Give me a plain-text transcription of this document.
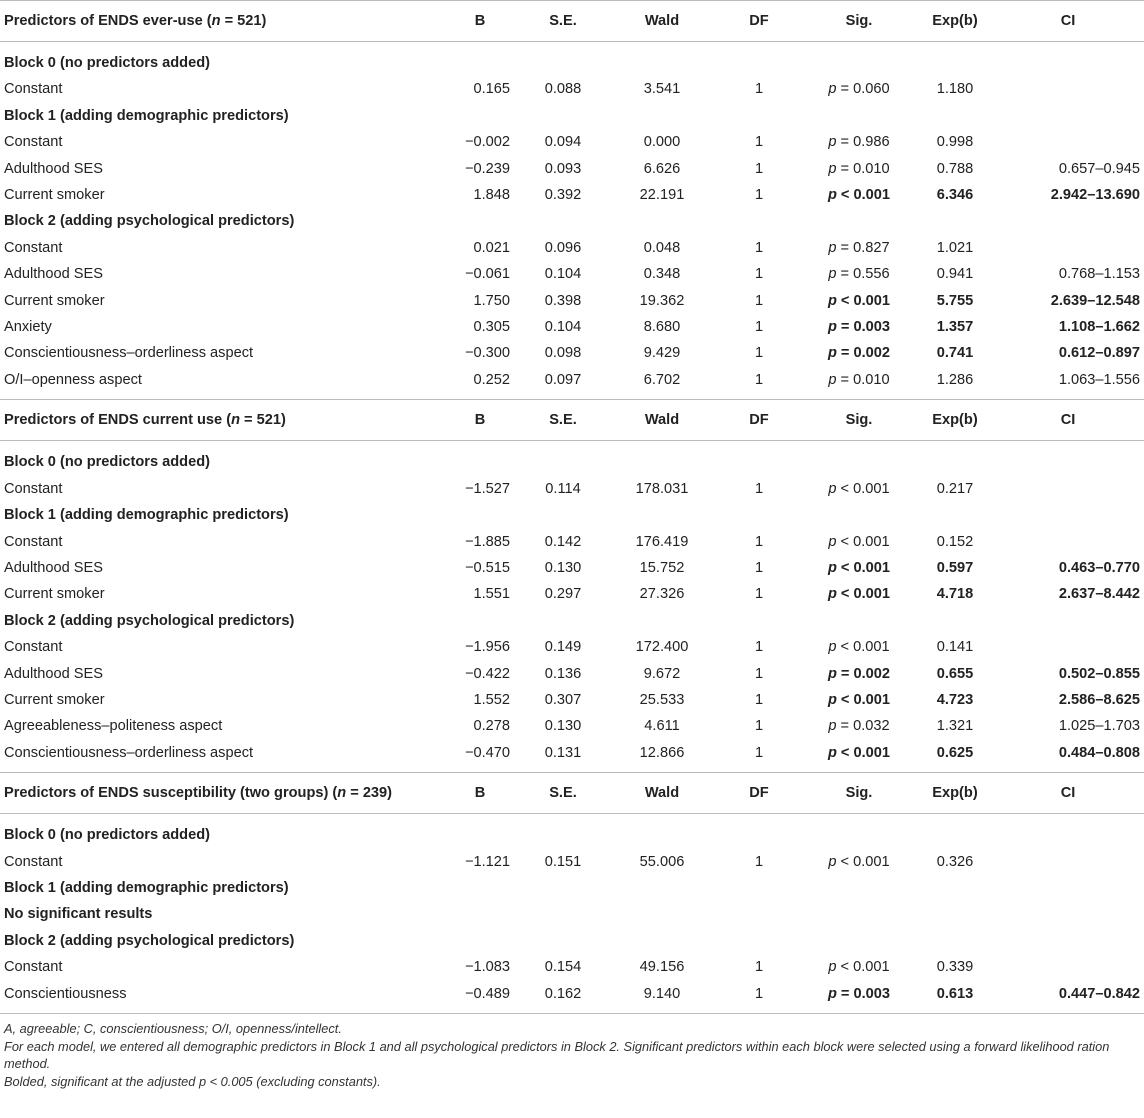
Predictors of ENDS ever-use (n = 521)	B	S.E.	Wald	DF	Sig.	Exp(b)	CI

Block 0 (no predictors added)							
Constant	0.165	0.088	3.541	1	p = 0.060	1.180	
Block 1 (adding demographic predictors)							
Constant	−0.002	0.094	0.000	1	p = 0.986	0.998	
Adulthood SES	−0.239	0.093	6.626	1	p = 0.010	0.788	0.657–0.945
Current smoker	1.848	0.392	22.191	1	p < 0.001	6.346	2.942–13.690
Block 2 (adding psychological predictors)							
Constant	0.021	0.096	0.048	1	p = 0.827	1.021	
Adulthood SES	−0.061	0.104	0.348	1	p = 0.556	0.941	0.768–1.153
Current smoker	1.750	0.398	19.362	1	p < 0.001	5.755	2.639–12.548
Anxiety	0.305	0.104	8.680	1	p = 0.003	1.357	1.108–1.662
Conscientiousness–orderliness aspect	−0.300	0.098	9.429	1	p = 0.002	0.741	0.612–0.897
O/I–openness aspect	0.252	0.097	6.702	1	p = 0.010	1.286	1.063–1.556
Predictors of ENDS current use (n = 521)	B	S.E.	Wald	DF	Sig.	Exp(b)	CI

Block 0 (no predictors added)							
Constant	−1.527	0.114	178.031	1	p < 0.001	0.217	
Block 1 (adding demographic predictors)							
Constant	−1.885	0.142	176.419	1	p < 0.001	0.152	
Adulthood SES	−0.515	0.130	15.752	1	p < 0.001	0.597	0.463–0.770
Current smoker	1.551	0.297	27.326	1	p < 0.001	4.718	2.637–8.442
Block 2 (adding psychological predictors)							
Constant	−1.956	0.149	172.400	1	p < 0.001	0.141	
Adulthood SES	−0.422	0.136	9.672	1	p = 0.002	0.655	0.502–0.855
Current smoker	1.552	0.307	25.533	1	p < 0.001	4.723	2.586–8.625
Agreeableness–politeness aspect	0.278	0.130	4.611	1	p = 0.032	1.321	1.025–1.703
Conscientiousness–orderliness aspect	−0.470	0.131	12.866	1	p < 0.001	0.625	0.484–0.808
Predictors of ENDS susceptibility (two groups) (n = 239)	B	S.E.	Wald	DF	Sig.	Exp(b)	CI

Block 0 (no predictors added)							
Constant	−1.121	0.151	55.006	1	p < 0.001	0.326	
Block 1 (adding demographic predictors)							
No significant results							
Block 2 (adding psychological predictors)							
Constant	−1.083	0.154	49.156	1	p < 0.001	0.339	
Conscientiousness	−0.489	0.162	9.140	1	p = 0.003	0.613	0.447–0.842

A, agreeable; C, conscientiousness; O/I, openness/intellect.

For each model, we entered all demographic predictors in Block 1 and all psychological predictors in Block 2. Significant predictors within each block were selected using a forward likelihood ration method.

Bolded, significant at the adjusted p < 0.005 (excluding constants).
